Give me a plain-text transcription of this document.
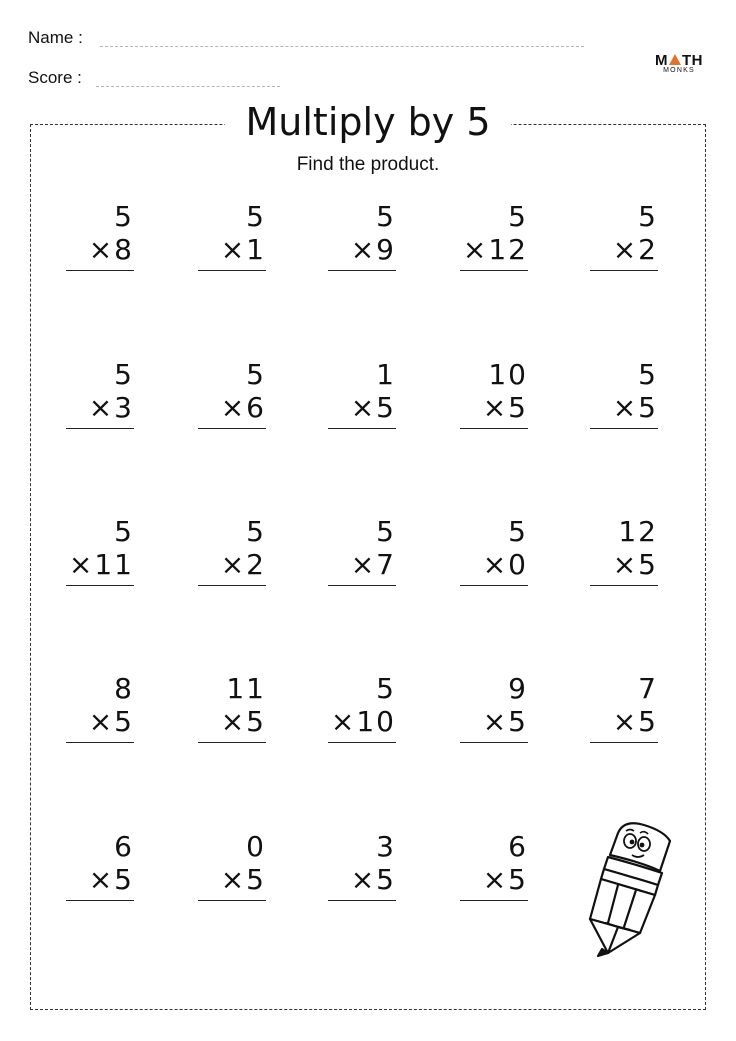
Name :
Score :
M TH
MONKS
Multiply by 5
Find the product.
5
×8
5
×1
5
×9
5
×12
5
×2
5
×3
5
×6
1
×5
10
×5
5
×5
5
×11
5
×2
5
×7
5
×0
12
×5
8
×5
11
×5
5
×10
9
×5
7
×5
6
×5
0
×5
3
×5
6
×5
